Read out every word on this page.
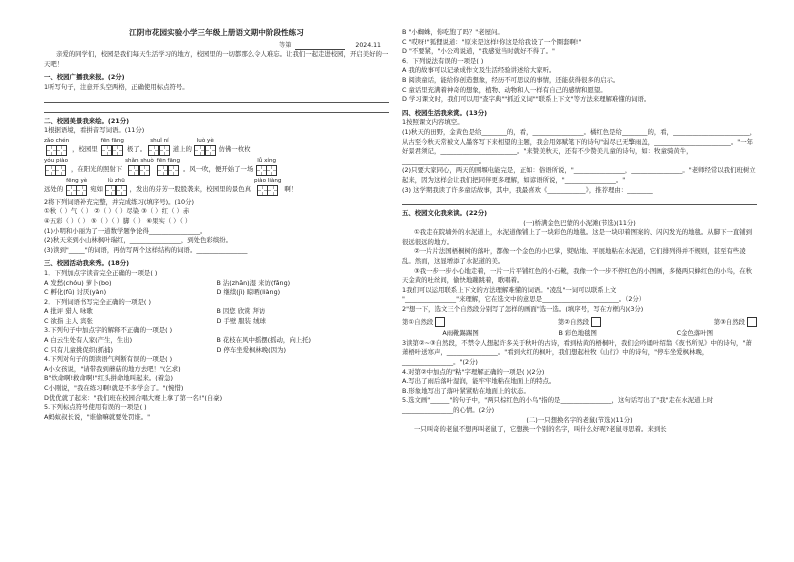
江阴市花园实验小学三年级上册语文期中阶段性练习
等第	2024.11

亲爱的同学们，校园是我们每天生活学习的地方，校园里的一切都那么令人难忘。让我们一起走进校园，开启美好的一天吧！

一、校园广播我来报。(2分)

1听写句子，注意开头空两格，正确使用标点符号。

二、校园美景我来绘。(21分)

1根据语境，看拼音写词语。(11分)

zǎo chén
，校园里
fēn fāng
极了。
shuǐ ní
道上的
luò yè
仿佛一枚枚
yóu piào
，在阳光的照射下
shǎn shuò fēn fāng
。风一吹，便开始了一场
lǚ xíng
远处的
fēng yè
宛如
lù zhū
，发出的芬芳一股股袭来，校园里的景色真
piào liàng
啊！

2将下列词语补充完整，并完成练习(填序号)。(10分)

①秋（ ）气（ ） ②（ ）（ ）尽染 ③（ ）红（ ）赤

④五彩（ ）（ ） ⑤（ ）（ ）脚（ ） ⑥果实（ ）（ ）

(1)小明和小丽为了一道数学题争论得________________。

(2)秋天来到小山林枫叶瑞红，________________，到处色彩缤纷。

(3)读到"_____"的词语，再仿写两个这样结构的词语。________________

三、校园活动我来秀。(18分)

1．下列加点字读音完全正确的一项是( )

A 发愁(chóu) 萝卜(bo)	B 沾(zhān)湿 来访(fǎng)
C 孵化(fū) 讨厌(yàn)	D 继续(jì) 晾晒(liàng)

2．下列词语书写完全正确的一项是( )

A 批评 猎人 咏歌	B 因您 欣赏 拜访
C 欲指 主人 宾张	D 手壁 服装 绒球

3.下列句子中加点字的解释不正确的一项是( )

A 白云生处有人家(产生，生出)	B 花枝在风中摇摆(摇动，向上托)
C 只有儿童挑促织(抓捕)	D 停车坐爱枫林晚(因为)

4.下列对句子的朗读语气判断有误的一项是( )

A小女孩说，"请带我到蘑菇的地方去吧！"(乞求)

B"炊命啊!救命啊!"红头拼命地叫起来。(着急)

C小刚说，"我在练习啊!就是不多学会了。"(惋惜)

D优优就了起来："我们班在校园合唱大赛上拿了第一名!"(自豪)

5.下列标点符号使用有误的一项是( )

A蚂蚁叔长说，"谁偷嘛就要处罚谁。"

B "小蜘蛛，你吃饱了吗？"老屋问。

C "哎呀!"狐狸说道："原来是这样!你这是给我设了一个圈套啊!"

D "不要紧，"小公鸡说道，"我感觉当时就好不得了。"

6．下列说法有误的一项是( )

A 我的故事可以记录成作文及生活经验讲述给大家听。

B 阅读童话，能给你创造想象，经历不可思议的事情，还能获得很多的启示。

C 童话里充满着神奇的想象，植物、动物和人一样有自己的感情和愿望。

D 学习课文时，我们可以用"查字典""抓近义词""联系上下文"等方法来理解难懂的词语。

四、校园生活我来赏。(13分)

1按照课文内容填空。

(1)秋天的田野，金黄色是给________的，看，________________。橘红色是给________的，看，________________________，从古至今秋天常被文人墨客写下来相望的主题，我会用郊赋笔下的诗句"弱尽已无擎雨盖，________________________。"一年好景君须记，________________________。"来赞美秋天，还有不少赞美儿童的诗句，如：牧童骑黄牛，________________________。

(2)只要大家同心，两天的围堰电能完是，正如：俗语所说，"________________，________________。"老师经常以我们班树立起来，因为这样会让我们把同伴更多理解，如谚语所说，"________________。"

(3) 这学期我读了许多童话故事，其中，我最喜欢《____________》，推荐理由：________

五、校园文化我来读。(22分)
(一)桥满金色巴蒙的小泥滩(节选)(11分)

①我走在院墙外的水泥道上，水泥道像铺上了一块彩色的地毯。这是一块印着图案的、闪闪发光的地毯。从脚下一直铺到很远很远的地方。

②一片片法国梧桐树的落叶，都像一个金色的小巴掌，熨贴地、平展地粘在水泥道，它们排列得并不规则，甚至有些凌乱。然而，这显增添了水泥道的美。

③我一步一步小心地走着，一片一片平铺红色的小石靴，我像一个一步不停红色的小图画，多傻两只蜂红色的小鸟，在秋天金黄的吐丝间，偷快地蹦跳着，歌唱着。

1我们可以运用联系上下文的方法理解难懂的词语。"凌乱"一词可以联系上文

"________________"来理解，它在选文中的意思是________________________。（2分）

2"想一下，选文三个自然段分别写了怎样的画面"选一选。(填序号，写在方框内)(3分)

第①自然段	第②自然段	第③自然段
A雨靴踢踢图	B 彩色地毯图	C金色落叶图

3读第②~③自然段，不禁令人想起许多关于秋叶的古诗，看到枯黄的梧桐叶，我们会吟诵叶绍翁《夜书所见》中的诗句，"萧萧梧叶送寒声，________________。"看到火红的枫叶，我们想起杜牧《山行》中的诗句，"停车坐爱枫林晚，________________。"(2分)

4.对第②中加点的"粘"字理解正确的一项是( )(2分)

A.写出了雨后落叶湿润，能牢牢地粘在地面上的特点。

B.形象地写出了落叶紧紧贴在地面上的状态。

5.选文画"______"的句子中，"两只棕红色的小鸟"指的是________________，这句话写出了"我"走在水泥道上时________________的心情。(2分)

(二)一只想换名字的老鼠(节选)(11分)

一只叫奇的老鼠不想再叫老鼠了，它想换一个别的名字，叫什么好呢?老鼠寻思着。来到长
